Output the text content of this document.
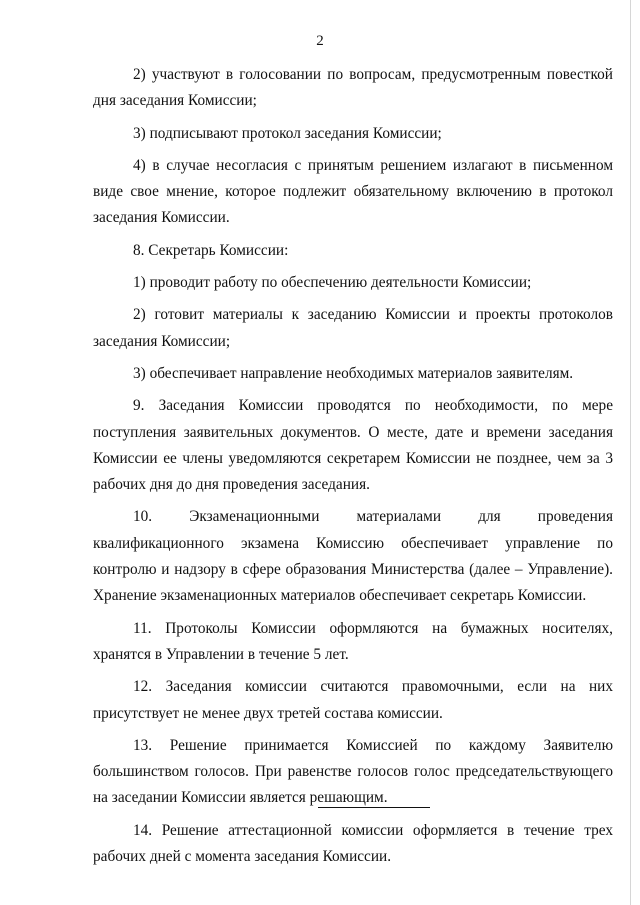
2

2) участвуют в голосовании по вопросам, предусмотренным повесткой дня заседания Комиссии;

3) подписывают протокол заседания Комиссии;

4) в случае несогласия с принятым решением излагают в письменном виде свое мнение, которое подлежит обязательному включению в протокол заседания Комиссии.

8. Секретарь Комиссии:

1) проводит работу по обеспечению деятельности Комиссии;

2) готовит материалы к заседанию Комиссии и проекты протоколов заседания Комиссии;

3) обеспечивает направление необходимых материалов заявителям.

9. Заседания Комиссии проводятся по необходимости, по мере поступления заявительных документов. О месте, дате и времени заседания Комиссии ее члены уведомляются секретарем Комиссии не позднее, чем за 3 рабочих дня до дня проведения заседания.

10. Экзаменационными материалами для проведения квалификационного экзамена Комиссию обеспечивает управление по контролю и надзору в сфере образования Министерства (далее – Управление). Хранение экзаменационных материалов обеспечивает секретарь Комиссии.

11. Протоколы Комиссии оформляются на бумажных носителях, хранятся в Управлении в течение 5 лет.

12. Заседания комиссии считаются правомочными, если на них присутствует не менее двух третей состава комиссии.

13. Решение принимается Комиссией по каждому Заявителю большинством голосов. При равенстве голосов голос председательствующего на заседании Комиссии является решающим.

14. Решение аттестационной комиссии оформляется в течение трех рабочих дней с момента заседания Комиссии.
